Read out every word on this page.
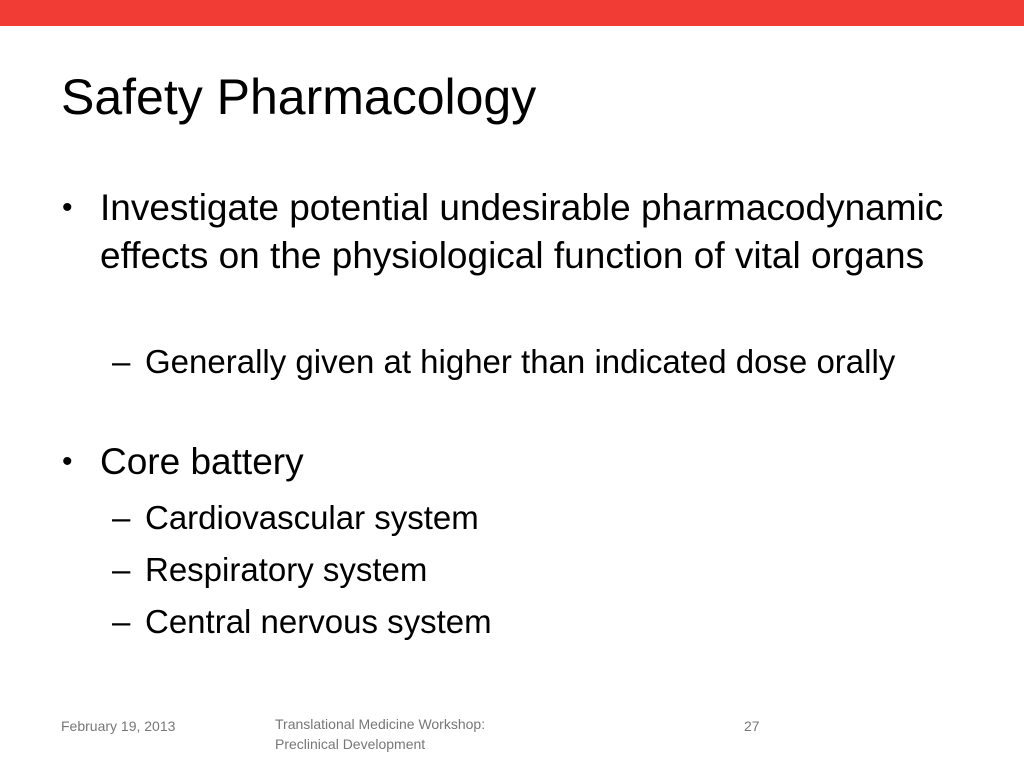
Safety Pharmacology
• Investigate potential undesirable pharmacodynamic effects on the physiological function of vital organs
– Generally given at higher than indicated dose orally
• Core battery
– Cardiovascular system
– Respiratory system
– Central nervous system
February 19, 2013	Translational Medicine Workshop:
Preclinical Development
27
